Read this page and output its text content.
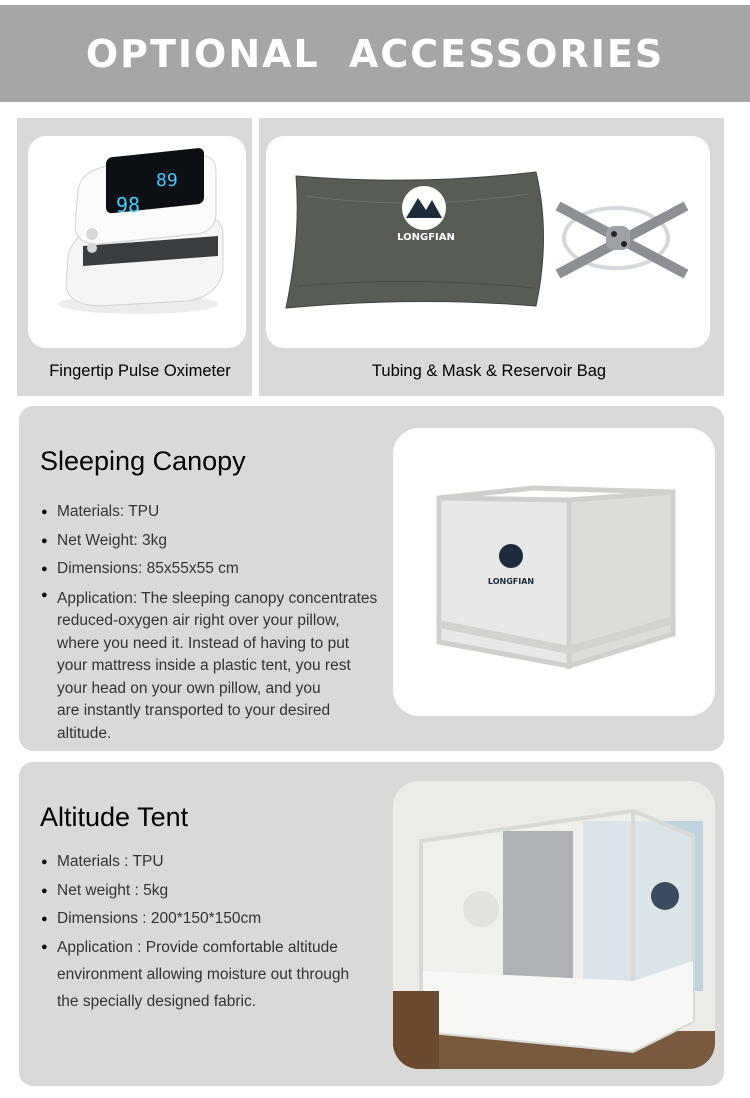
OPTIONAL ACCESSORIES
89
98
Fingertip Pulse Oximeter
LONGFIAN
Tubing & Mask & Reservoir Bag
Sleeping Canopy
● Materials: TPU
● Net Weight: 3kg
● Dimensions: 85x55x55 cm
● Application: The sleeping canopy concentrates
reduced-oxygen air right over your pillow,
where you need it. Instead of having to put
your mattress inside a plastic tent, you rest
your head on your own pillow, and you
are instantly transported to your desired
altitude.
LONGFIAN
Altitude Tent
● Materials : TPU
● Net weight : 5kg
● Dimensions : 200*150*150cm
● Application : Provide comfortable altitude
environment allowing moisture out through
the specially designed fabric.
